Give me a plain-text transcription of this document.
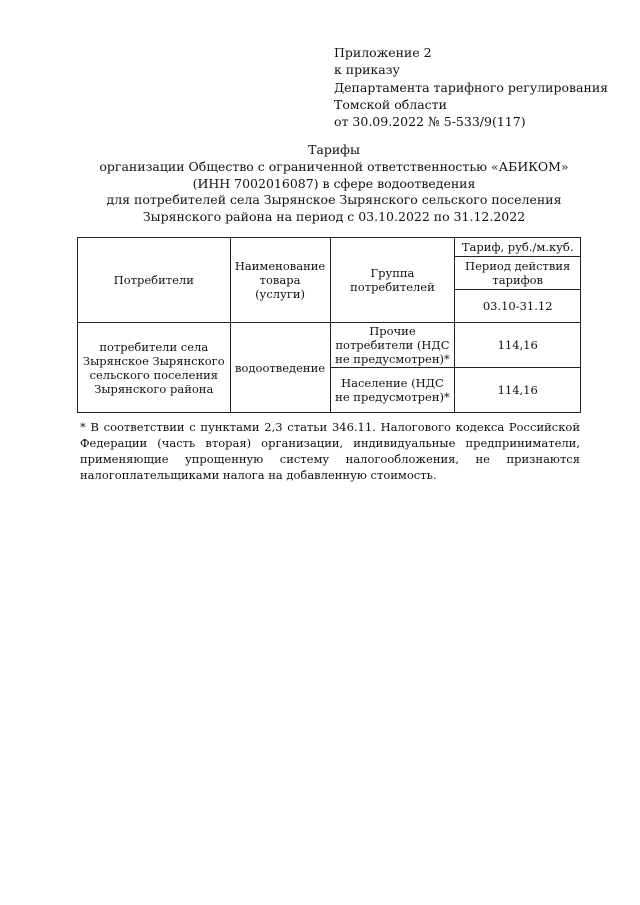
Приложение 2
к приказу
Департамента тарифного регулирования
Томской области
от 30.09.2022 № 5-533/9(117)
Тарифы
организации Общество с ограниченной ответственностью «АБИКОМ»
(ИНН 7002016087) в сфере водоотведения
для потребителей села Зырянское Зырянского сельского поселения
Зырянского района на период с 03.10.2022 по 31.12.2022
Потребители	Наименование товара (услуги)	Группа потребителей	Тариф, руб./м.куб.
			Период действия тарифов
			03.10-31.12
потребители села Зырянское Зырянского сельского поселения Зырянского района	водоотведение	Прочие потребители (НДС не предусмотрен)*	114,16
		Население (НДС не предусмотрен)*	114,16
* В соответствии с пунктами 2,3 статьи 346.11. Налогового кодекса Российской Федерации (часть вторая) организации, индивидуальные предприниматели, применяющие упрощенную систему налогообложения, не признаются налогоплательщиками налога на добавленную стоимость.
